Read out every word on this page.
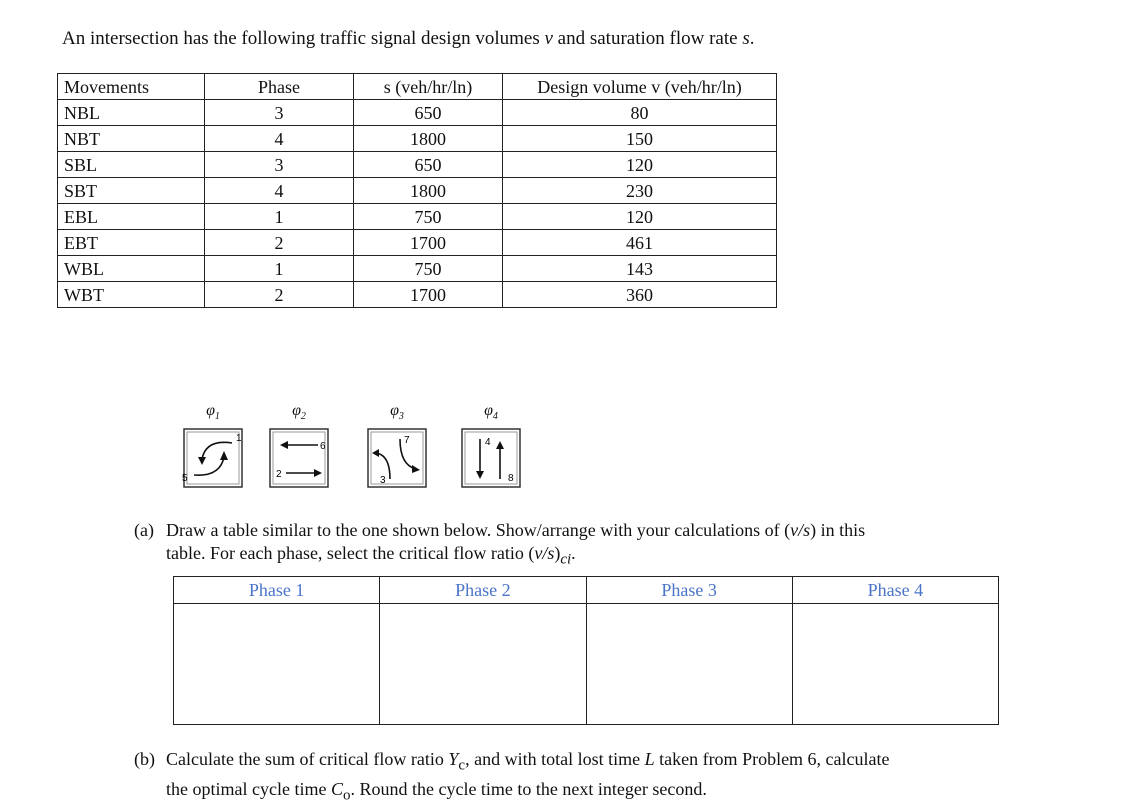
An intersection has the following traffic signal design volumes v and saturation flow rate s.
Movements	Phase	s (veh/hr/ln)	Design volume v (veh/hr/ln)
NBL	3	650	80
NBT	4	1800	150
SBL	3	650	120
SBT	4	1800	230
EBL	1	750	120
EBT	2	1700	461
WBL	1	750	143
WBT	2	1700	360
$\varphi_1$
1
5
$\varphi_2$
6
2
$\varphi_3$
7
3
$\varphi_4$
4
8
(a) Draw a table similar to the one shown below. Show/arrange with your calculations of (v/s) in this
table. For each phase, select the critical flow ratio $(v/s)_{ci}$.
Phase 1	Phase 2	Phase 3	Phase 4

(b) Calculate the sum of critical flow ratio $Y_c$, and with total lost time L taken from Problem 6, calculate
the optimal cycle time $C_o$. Round the cycle time to the next integer second.
